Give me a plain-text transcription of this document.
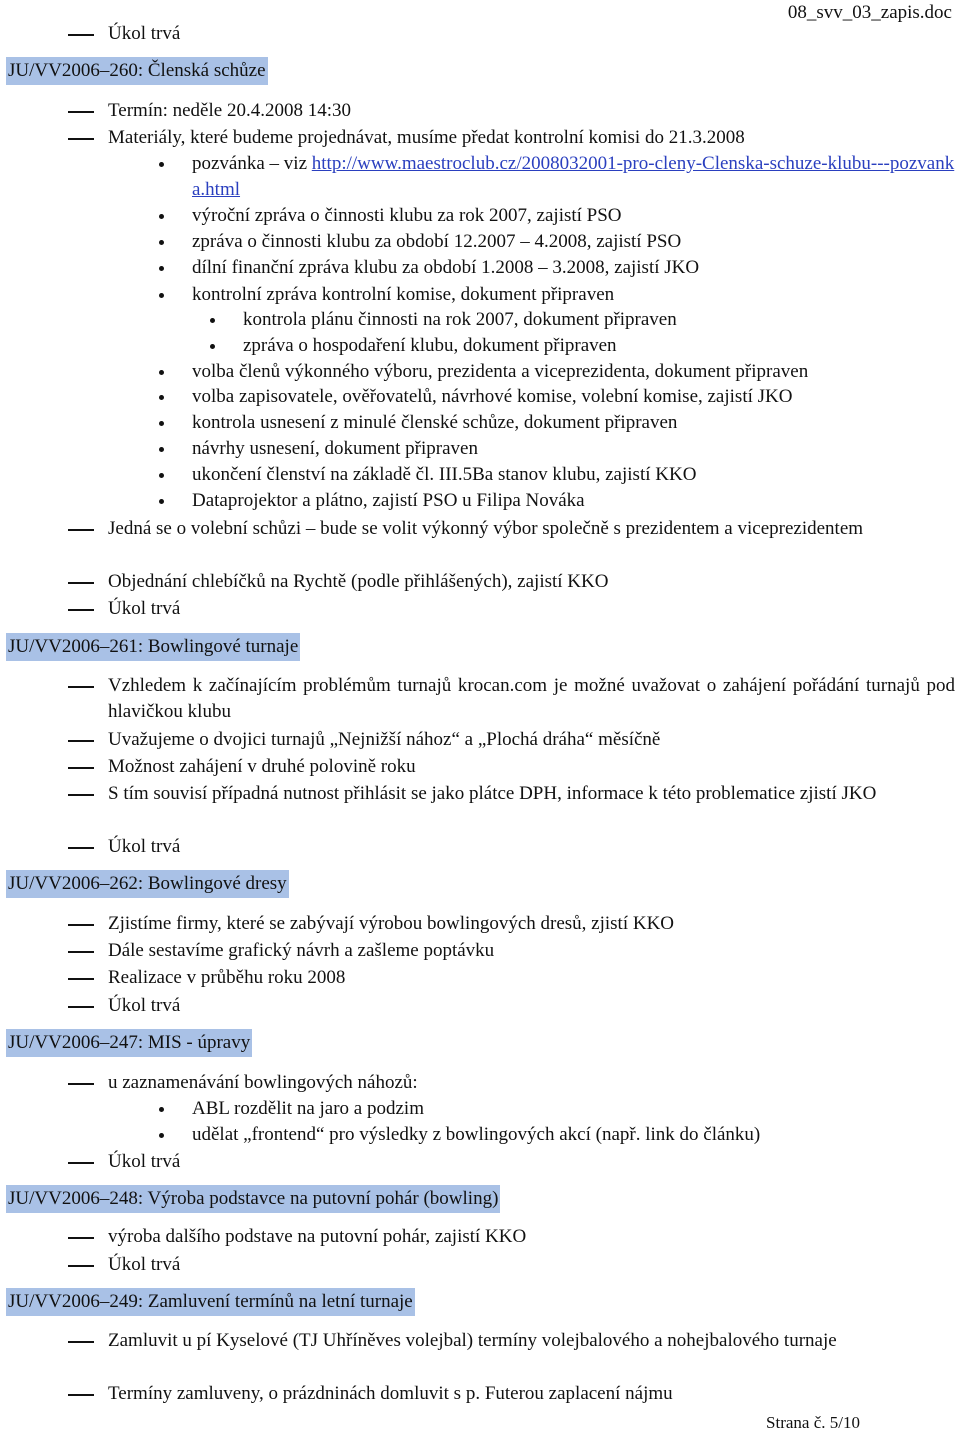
08_svv_03_zapis.doc
Úkol trvá
JU/VV2006–260: Členská schůze
Termín: neděle 20.4.2008 14:30
Materiály, které budeme projednávat, musíme předat kontrolní komisi do 21.3.2008
pozvánka – viz http://www.maestroclub.cz/2008032001-pro-cleny-Clenska-schuze-klubu---pozvanka.html
výroční zpráva o činnosti klubu za rok 2007, zajistí PSO
zpráva o činnosti klubu za období 12.2007 – 4.2008, zajistí PSO
dílní finanční zpráva klubu za období 1.2008 – 3.2008, zajistí JKO
kontrolní zpráva kontrolní komise, dokument připraven
kontrola plánu činnosti na rok 2007, dokument připraven
zpráva o hospodaření klubu, dokument připraven
volba členů výkonného výboru, prezidenta a viceprezidenta, dokument připraven
volba zapisovatele, ověřovatelů, návrhové komise, volební komise, zajistí JKO
kontrola usnesení z minulé členské schůze, dokument připraven
návrhy usnesení, dokument připraven
ukončení členství na základě čl. III.5Ba stanov klubu, zajistí KKO
Dataprojektor a plátno, zajistí PSO u Filipa Nováka
Jedná se o volební schůzi – bude se volit výkonný výbor společně s prezidentem a viceprezidentem
Objednání chlebíčků na Rychtě (podle přihlášených), zajistí KKO
Úkol trvá
JU/VV2006–261: Bowlingové turnaje
Vzhledem k začínajícím problémům turnajů krocan.com je možné uvažovat o zahájení pořádání turnajů pod hlavičkou klubu
Uvažujeme o dvojici turnajů „Nejnižší nához“ a „Plochá dráha“ měsíčně
Možnost zahájení v druhé polovině roku
S tím souvisí případná nutnost přihlásit se jako plátce DPH, informace k této problematice zjistí JKO
Úkol trvá
JU/VV2006–262: Bowlingové dresy
Zjistíme firmy, které se zabývají výrobou bowlingových dresů, zjistí KKO
Dále sestavíme grafický návrh a zašleme poptávku
Realizace v průběhu roku 2008
Úkol trvá
JU/VV2006–247: MIS - úpravy
u zaznamenávání bowlingových náhozů:
ABL rozdělit na jaro a podzim
udělat „frontend“ pro výsledky z bowlingových akcí (např. link do článku)
Úkol trvá
JU/VV2006–248: Výroba podstavce na putovní pohár (bowling)
výroba dalšího podstave na putovní pohár, zajistí KKO
Úkol trvá
JU/VV2006–249: Zamluvení termínů na letní turnaje
Zamluvit u pí Kyselové (TJ Uhříněves volejbal) termíny volejbalového a nohejbalového turnaje
Termíny zamluveny, o prázdninách domluvit s p. Futerou zaplacení nájmu
Strana č. 5/10
